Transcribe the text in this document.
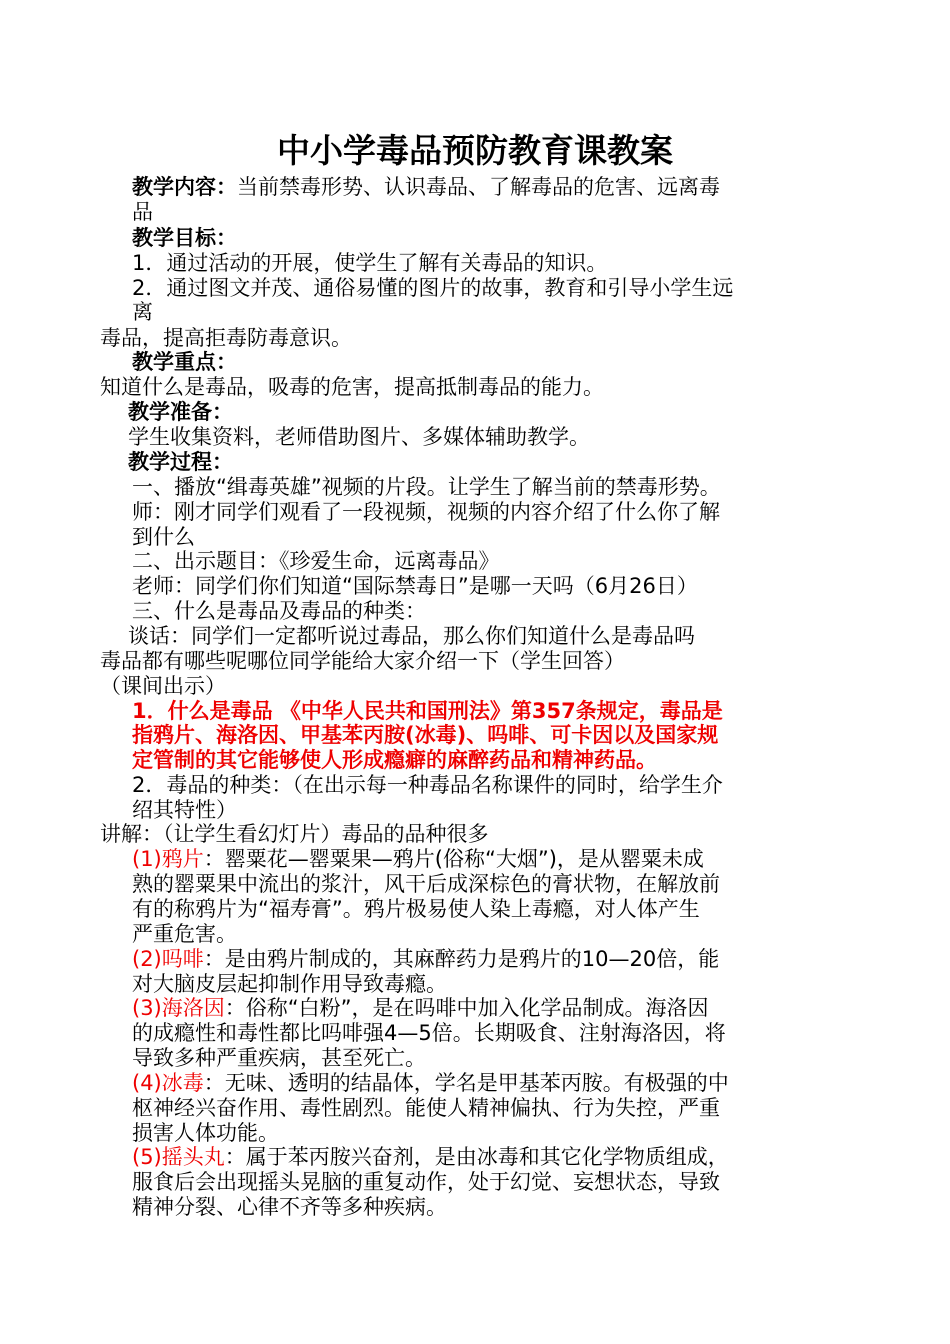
中小学毒品预防教育课教案
教学内容：当前禁毒形势、认识毒品、了解毒品的危害、远离毒
品
教学目标：
1．通过活动的开展，使学生了解有关毒品的知识。
2．通过图文并茂、通俗易懂的图片的故事，教育和引导小学生远
离
毒品，提高拒毒防毒意识。
教学重点：
知道什么是毒品，吸毒的危害，提高抵制毒品的能力。
教学准备：
学生收集资料，老师借助图片、多媒体辅助教学。
教学过程：
一、播放“缉毒英雄”视频的片段。让学生了解当前的禁毒形势。
师：刚才同学们观看了一段视频，视频的内容介绍了什么你了解
到什么
二、出示题目：《珍爱生命，远离毒品》
老师：同学们你们知道“国际禁毒日”是哪一天吗（6月26日）
三、什么是毒品及毒品的种类：
谈话：同学们一定都听说过毒品，那么你们知道什么是毒品吗
毒品都有哪些呢哪位同学能给大家介绍一下（学生回答）
（课间出示）
1．什么是毒品 《中华人民共和国刑法》第357条规定，毒品是
指鸦片、海洛因、甲基苯丙胺(冰毒)、吗啡、可卡因以及国家规
定管制的其它能够使人形成瘾癖的麻醉药品和精神药品。
2．毒品的种类：（在出示每一种毒品名称课件的同时，给学生介
绍其特性）
讲解：（让学生看幻灯片）毒品的品种很多
(1)鸦片：罂粟花—罂粟果—鸦片(俗称“大烟”)，是从罂粟未成
熟的罂粟果中流出的浆汁，风干后成深棕色的膏状物，在解放前
有的称鸦片为“福寿膏”。鸦片极易使人染上毒瘾，对人体产生
严重危害。
(2)吗啡：是由鸦片制成的，其麻醉药力是鸦片的10—20倍，能
对大脑皮层起抑制作用导致毒瘾。
(3)海洛因：俗称“白粉”，是在吗啡中加入化学品制成。海洛因
的成瘾性和毒性都比吗啡强4—5倍。长期吸食、注射海洛因，将
导致多种严重疾病，甚至死亡。
(4)冰毒：无味、透明的结晶体，学名是甲基苯丙胺。有极强的中
枢神经兴奋作用、毒性剧烈。能使人精神偏执、行为失控，严重
损害人体功能。
(5)摇头丸：属于苯丙胺兴奋剂，是由冰毒和其它化学物质组成，
服食后会出现摇头晃脑的重复动作，处于幻觉、妄想状态，导致
精神分裂、心律不齐等多种疾病。
